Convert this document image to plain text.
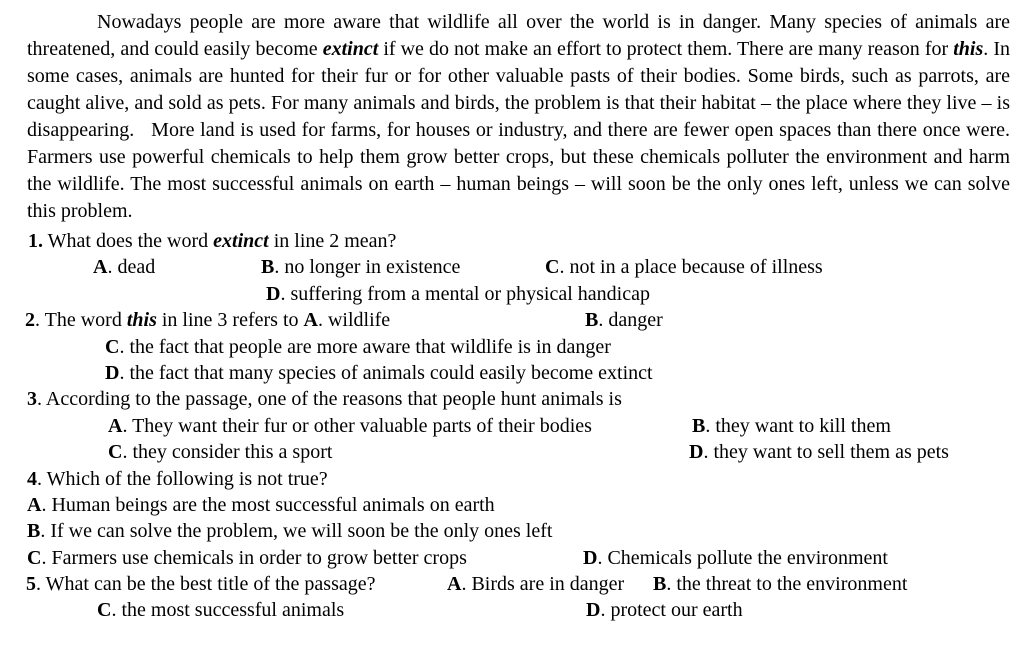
Nowadays people are more aware that wildlife all over the world is in danger. Many species of animals are threatened, and could easily become extinct if we do not make an effort to protect them. There are many reason for this. In some cases, animals are hunted for their fur or for other valuable pasts of their bodies. Some birds, such as parrots, are caught alive, and sold as pets. For many animals and birds, the problem is that their habitat – the place where they live – is disappearing.   More land is used for farms, for houses or industry, and there are fewer open spaces than there once were. Farmers use powerful chemicals to help them grow better crops, but these chemicals polluter the environment and harm the wildlife. The most successful animals on earth – human beings – will soon be the only ones left, unless we can solve this problem.

1. What does the word extinct in line 2 mean?
A. dead	B. no longer in existence	C. not in a place because of illness
D. suffering from a mental or physical handicap
2. The word this in line 3 refers to A. wildlife	B. danger
C. the fact that people are more aware that wildlife is in danger
D. the fact that many species of animals could easily become extinct
3. According to the passage, one of the reasons that people hunt animals is
A. They want their fur or other valuable parts of their bodies	B. they want to kill them
C. they consider this a sport	D. they want to sell them as pets
4. Which of the following is not true?
A. Human beings are the most successful animals on earth
B. If we can solve the problem, we will soon be the only ones left
C. Farmers use chemicals in order to grow better crops	D. Chemicals pollute the environment
5. What can be the best title of the passage?	A. Birds are in danger B. the threat to the environment
C. the most successful animals	D. protect our earth
